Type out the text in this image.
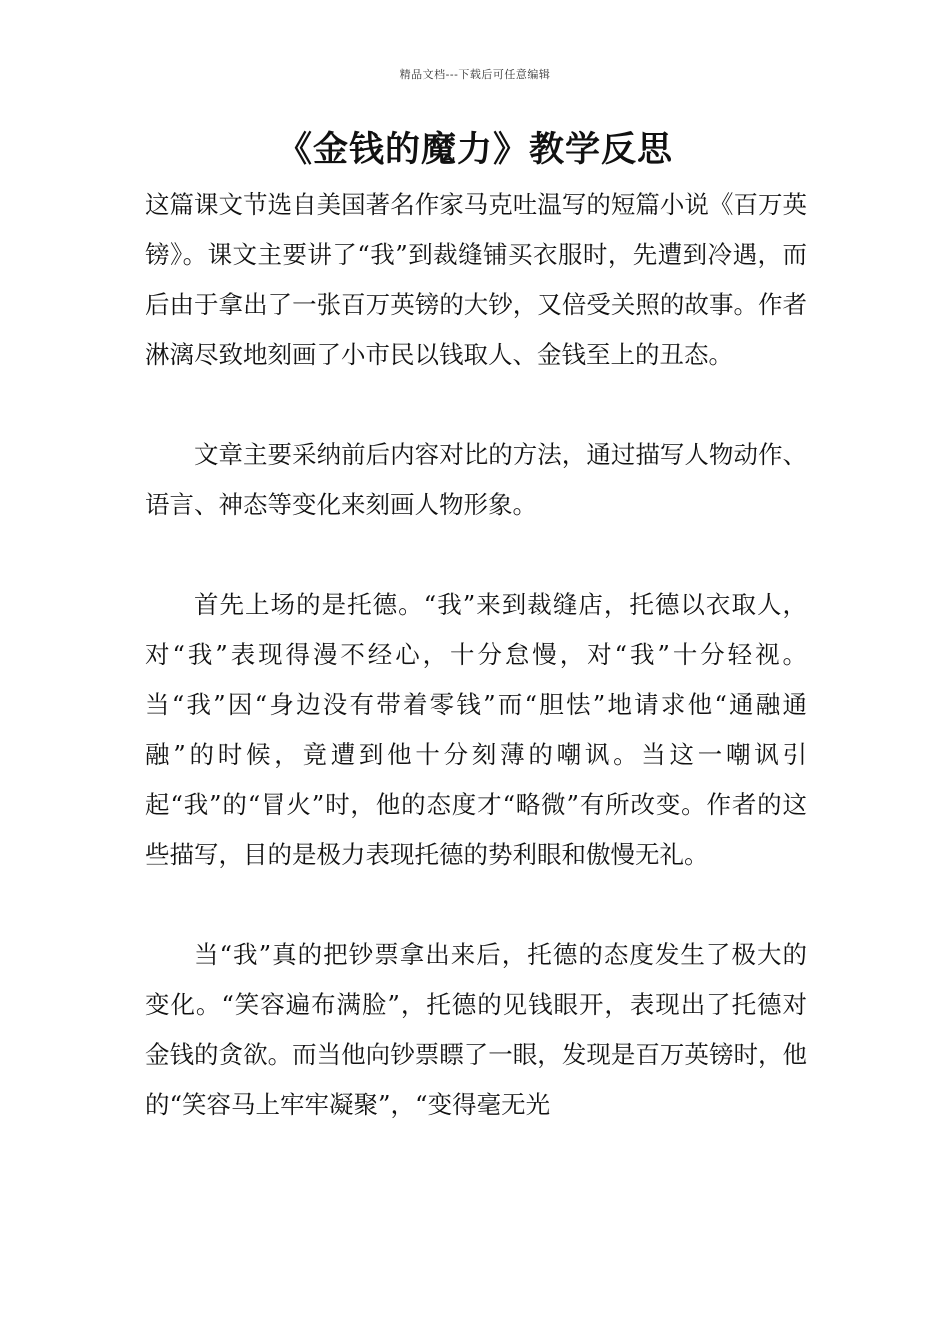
精品文档---下载后可任意编辑
《金钱的魔力》教学反思

这篇课文节选自美国著名作家马克吐温写的短篇小说《百万英镑》。课文主要讲了“我”到裁缝铺买衣服时，先遭到冷遇，而后由于拿出了一张百万英镑的大钞，又倍受关照的故事。作者淋漓尽致地刻画了小市民以钱取人、金钱至上的丑态。

文章主要采纳前后内容对比的方法，通过描写人物动作、语言、神态等变化来刻画人物形象。

首先上场的是托德。“我”来到裁缝店，托德以衣取人，对“我”表现得漫不经心，十分怠慢，对“我”十分轻视。当“我”因“身边没有带着零钱”而“胆怯”地请求他“通融通融”的时候，竟遭到他十分刻薄的嘲讽。当这一嘲讽引起“我”的“冒火”时，他的态度才“略微”有所改变。作者的这些描写，目的是极力表现托德的势利眼和傲慢无礼。

当“我”真的把钞票拿出来后，托德的态度发生了极大的变化。“笑容遍布满脸”，托德的见钱眼开，表现出了托德对金钱的贪欲。而当他向钞票瞟了一眼，发现是百万英镑时，他的“笑容马上牢牢凝聚”，“变得毫无光
